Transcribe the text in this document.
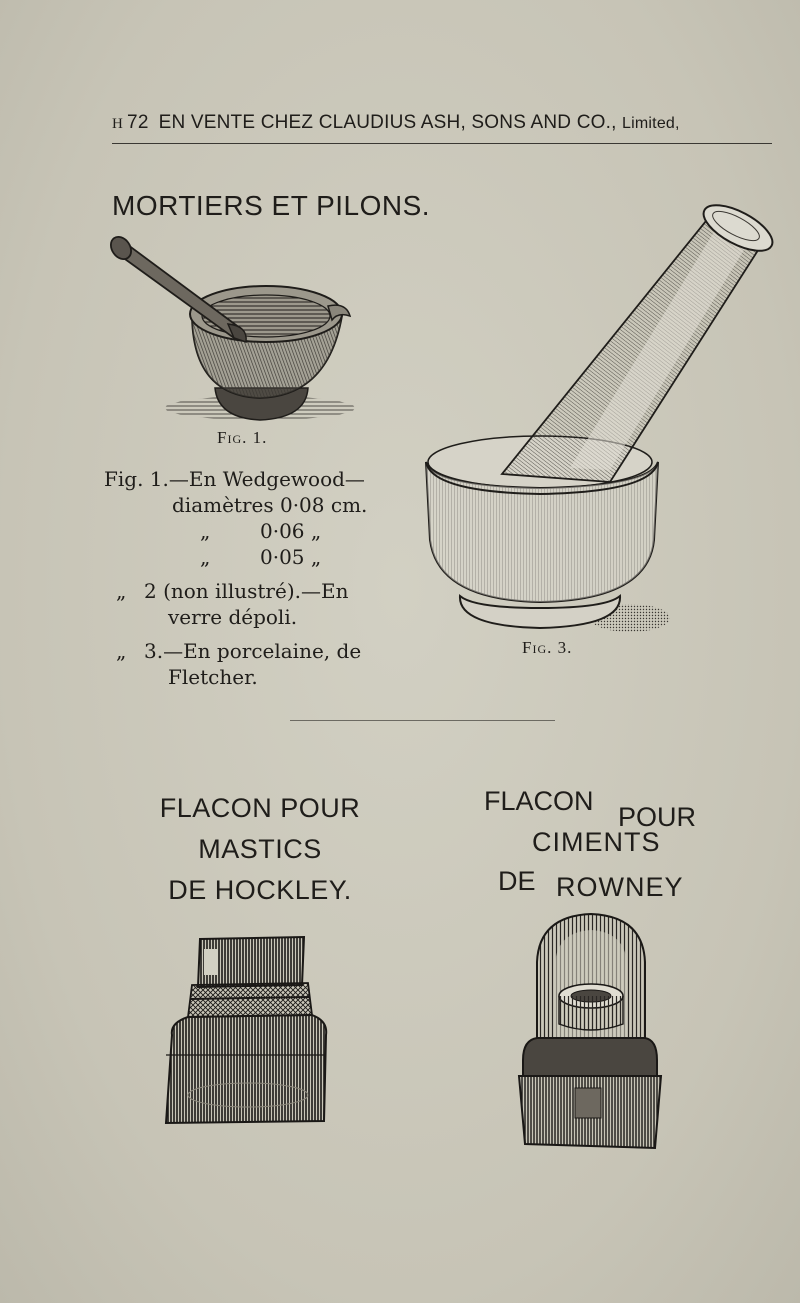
H 72 EN VENTE CHEZ CLAUDIUS ASH, SONS AND CO., Limited,
MORTIERS ET PILONS.
Fig. 1.
Fig. 1.—En Wedgewood—
diamètres 0·08 cm.
„ 0·06 „
„ 0·05 „
„ 2 (non illustré).—En
verre dépoli.
„ 3.—En porcelaine, de
Fletcher.
Fig. 3.
FLACON POUR
MASTICS
DE HOCKLEY.
FLACON
POUR
CIMENTS
DE ROWNEY
